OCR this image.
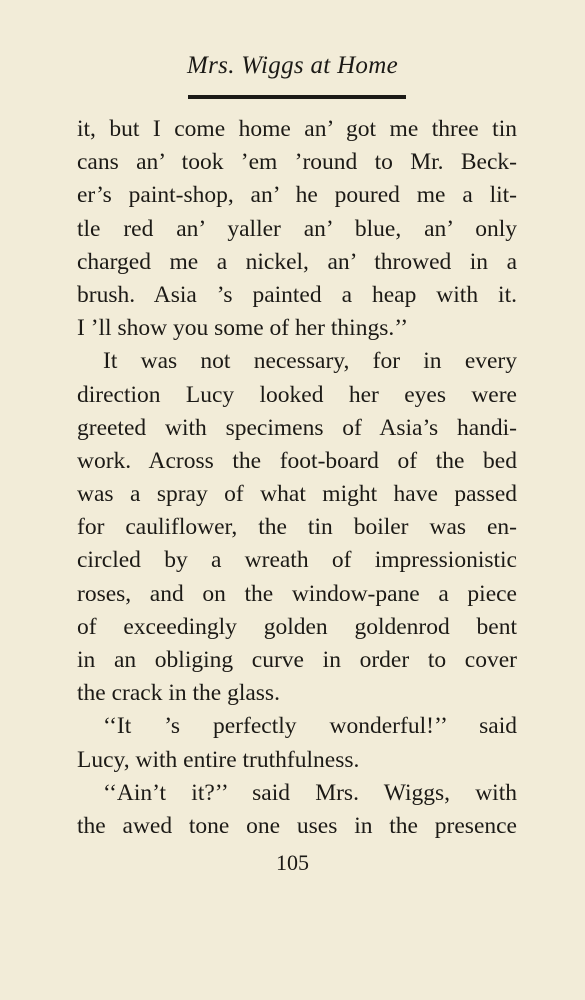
Mrs. Wiggs at Home
it, but I come home an’ got me three tin
cans an’ took ’em ’round to Mr. Beck-
er’s paint-shop, an’ he poured me a lit-
tle red an’ yaller an’ blue, an’ only
charged me a nickel, an’ throwed in a
brush. Asia ’s painted a heap with it.
I ’ll show you some of her things.’’
It was not necessary, for in every
direction Lucy looked her eyes were
greeted with specimens of Asia’s handi-
work. Across the foot-board of the bed
was a spray of what might have passed
for cauliflower, the tin boiler was en-
circled by a wreath of impressionistic
roses, and on the window-pane a piece
of exceedingly golden goldenrod bent
in an obliging curve in order to cover
the crack in the glass.
‘‘It ’s perfectly wonderful!’’ said
Lucy, with entire truthfulness.
‘‘Ain’t it?’’ said Mrs. Wiggs, with
the awed tone one uses in the presence
105
